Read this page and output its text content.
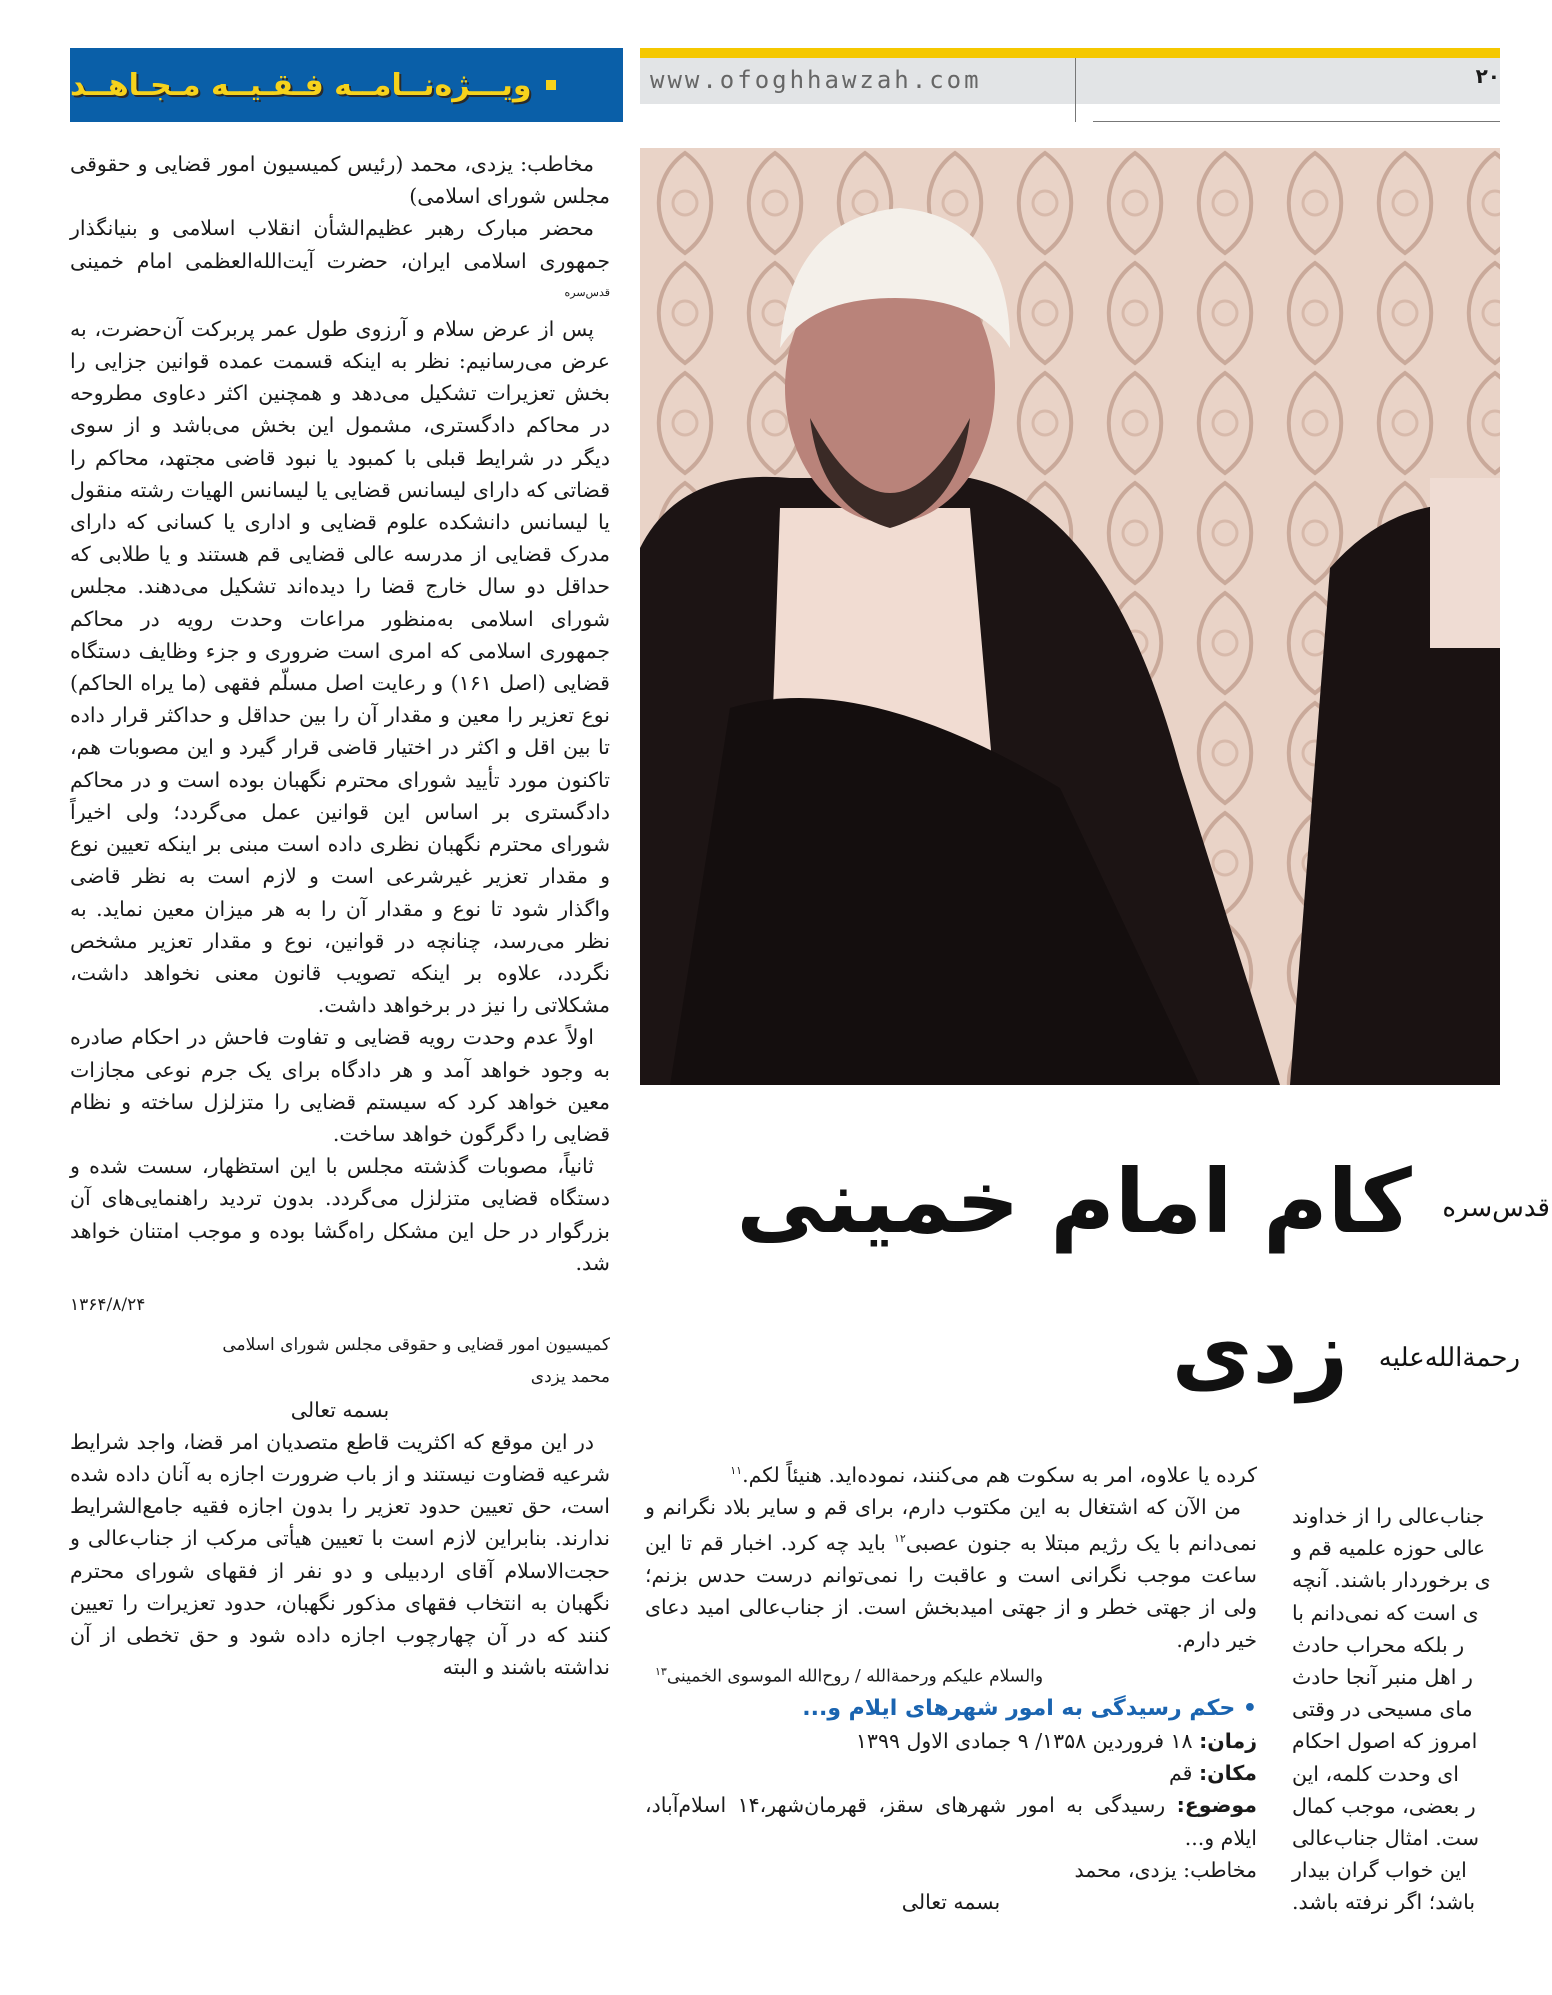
ویـــژه‌نــامــه فـقـیــه مـجـاهــد	www.ofoghhawzah.com	۲۰

مخاطب: یزدی، محمد (رئیس کمیسیون امور قضایی و حقوقی مجلس شورای اسلامی)

محضر مبارک رهبر عظیم‌الشأن انقلاب اسلامی و بنیانگذار جمهوری اسلامی ایران، حضرت آیت‌الله‌العظمی امام خمینی $^{قدس‌سره}$

پس از عرض سلام و آرزوی طول عمر پربرکت آن‌حضرت، به عرض می‌رسانیم: نظر به اینکه قسمت عمده قوانین جزایی را بخش تعزیرات تشکیل می‌دهد و همچنین اکثر دعاوی مطروحه در محاکم دادگستری، مشمول این بخش می‌باشد و از سوی دیگر در شرایط قبلی با کمبود یا نبود قاضی مجتهد، محاکم را قضاتی که دارای لیسانس قضایی یا لیسانس الهیات رشته منقول یا لیسانس دانشکده علوم قضایی و اداری یا کسانی که دارای مدرک قضایی از مدرسه عالی قضایی قم هستند و یا طلابی که حداقل دو سال خارج قضا را دیده‌اند تشکیل می‌دهند. مجلس شورای اسلامی به‌منظور مراعات وحدت رویه در محاکم جمهوری اسلامی که امری است ضروری و جزء وظایف دستگاه قضایی (اصل ۱۶۱) و رعایت اصل مسلّم فقهی (ما یراه الحاکم) نوع تعزیر را معین و مقدار آن را بین حداقل و حداکثر قرار داده تا بین اقل و اکثر در اختیار قاضی قرار گیرد و این مصوبات هم، تاکنون مورد تأیید شورای محترم نگهبان بوده است و در محاکم دادگستری بر اساس این قوانین عمل می‌گردد؛ ولی اخیراً شورای محترم نگهبان نظری داده است مبنی بر اینکه تعیین نوع و مقدار تعزیر غیرشرعی است و لازم است به نظر قاضی واگذار شود تا نوع و مقدار آن را به هر میزان معین نماید. به نظر می‌رسد، چنانچه در قوانین، نوع و مقدار تعزیر مشخص نگردد، علاوه بر اینکه تصویب قانون معنی نخواهد داشت، مشکلاتی را نیز در برخواهد داشت.

اولاً عدم وحدت رویه قضایی و تفاوت فاحش در احکام صادره به وجود خواهد آمد و هر دادگاه برای یک جرم نوعی مجازات معین خواهد کرد که سیستم قضایی را متزلزل ساخته و نظام قضایی را دگرگون خواهد ساخت.

ثانیاً، مصوبات گذشته مجلس با این استظهار، سست شده و دستگاه قضایی متزلزل می‌گردد. بدون تردید راهنمایی‌های آن بزرگوار در حل این مشکل راه‌گشا بوده و موجب امتنان خواهد شد.

۱۳۶۴/۸/۲۴

کمیسیون امور قضایی و حقوقی مجلس شورای اسلامی

محمد یزدی

بسمه تعالی

در این موقع که اکثریت قاطع متصدیان امر قضا، واجد شرایط شرعیه قضاوت نیستند و از باب ضرورت اجازه به آنان داده شده است، حق تعیین حدود تعزیر را بدون اجازه فقیه جامع‌الشرایط ندارند. بنابراین لازم است با تعیین هیأتی مرکب از جناب‌عالی و حجت‌الاسلام آقای اردبیلی و دو نفر از فقهای شورای محترم نگهبان به انتخاب فقهای مذکور نگهبان، حدود تعزیرات را تعیین کنند که در آن چهارچوب اجازه داده شود و حق تخطی از آن نداشته باشند و البته

قدس‌سره کام امام خمینی
رحمة‌الله‌علیه زدی

کرده یا علاوه، امر به سکوت هم می‌کنند، نموده‌اید. هنیئاً لکم.$^{۱۱}$

من الآن که اشتغال به این مکتوب دارم، برای قم و سایر بلاد نگرانم و نمی‌دانم با یک رژیم مبتلا به جنون عصبی$^{۱۲}$ باید چه کرد. اخبار قم تا این ساعت موجب نگرانی است و عاقبت را نمی‌توانم درست حدس بزنم؛ ولی از جهتی خطر و از جهتی امیدبخش است. از جناب‌عالی امید دعای خیر دارم.

والسلام علیکم ورحمة‌الله / روح‌الله الموسوی الخمینی$^{۱۳}$

• حکم رسیدگی به امور شهرهای ایلام و...

زمان: ۱۸ فروردین ۱۳۵۸/ ۹ جمادی الاول ۱۳۹۹

مکان: قم

موضوع: رسیدگی به امور شهرهای سقز، قهرمان‌شهر،۱۴ اسلام‌آباد، ایلام و...

مخاطب: یزدی، محمد

بسمه تعالی

جناب‌عالی را از خداوند
عالی حوزه علمیه قم و
ی برخوردار باشند. آنچه
ی است که نمی‌دانم با
ر بلکه محراب حادث
ر اهل منبر آنجا حادث
مای مسیحی در وقتی
امروز که اصول احکام
ای وحدت کلمه، این
ر بعضی، موجب کمال
ست. امثال جناب‌عالی
این خواب گران بیدار
باشد؛ اگر نرفته باشد.
